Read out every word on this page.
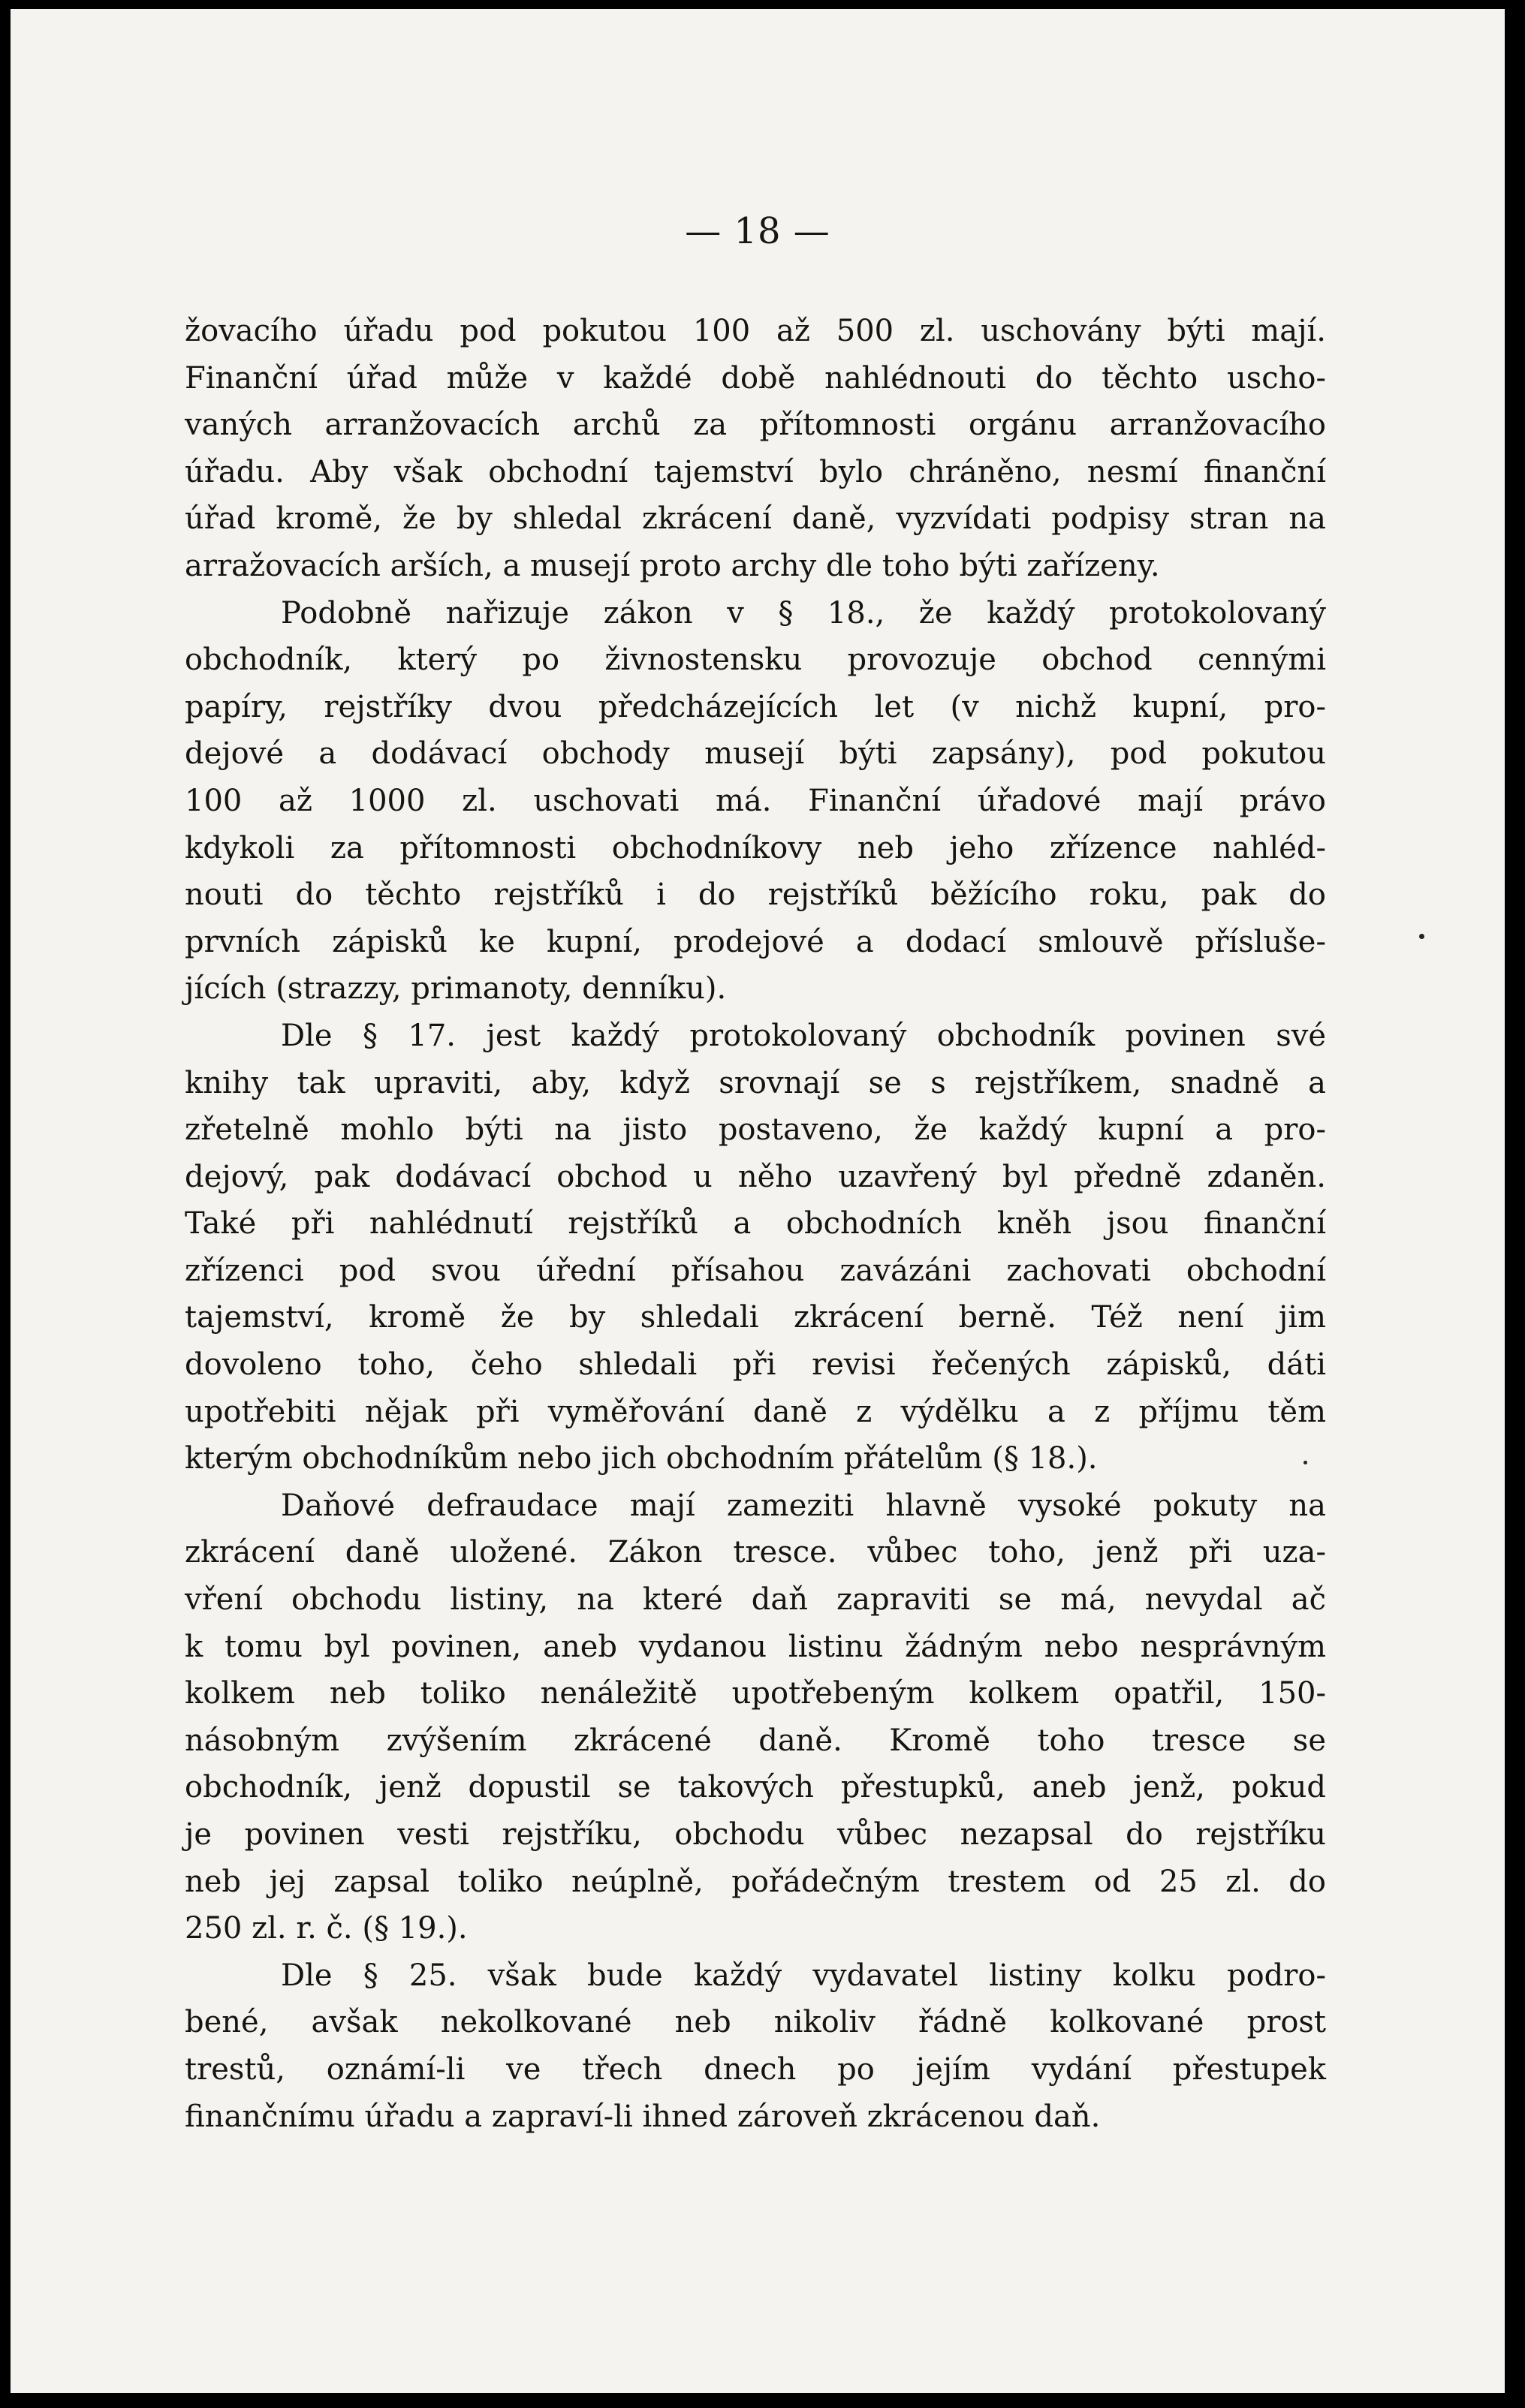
— 18 —
žovacího úřadu pod pokutou 100 až 500 zl. uschovány býti mají.
Finanční úřad může v každé době nahlédnouti do těchto uscho-
vaných arranžovacích archů za přítomnosti orgánu arranžovacího
úřadu. Aby však obchodní tajemství bylo chráněno, nesmí finanční
úřad kromě, že by shledal zkrácení daně, vyzvídati podpisy stran na
arražovacích arších, a musejí proto archy dle toho býti zařízeny.
Podobně nařizuje zákon v § 18., že každý protokolovaný
obchodník, který po živnostensku provozuje obchod cennými
papíry, rejstříky dvou předcházejících let (v nichž kupní, pro-
dejové a dodávací obchody musejí býti zapsány), pod pokutou
100 až 1000 zl. uschovati má. Finanční úřadové mají právo
kdykoli za přítomnosti obchodníkovy neb jeho zřízence nahléd-
nouti do těchto rejstříků i do rejstříků běžícího roku, pak do
prvních zápisků ke kupní, prodejové a dodací smlouvě přísluše-
jících (strazzy, primanoty, denníku).
Dle § 17. jest každý protokolovaný obchodník povinen své
knihy tak upraviti, aby, když srovnají se s rejstříkem, snadně a
zřetelně mohlo býti na jisto postaveno, že každý kupní a pro-
dejový, pak dodávací obchod u něho uzavřený byl předně zdaněn.
Také při nahlédnutí rejstříků a obchodních kněh jsou finanční
zřízenci pod svou úřední přísahou zavázáni zachovati obchodní
tajemství, kromě že by shledali zkrácení berně. Též není jim
dovoleno toho, čeho shledali při revisi řečených zápisků, dáti
upotřebiti nějak při vyměřování daně z výdělku a z příjmu těm
kterým obchodníkům nebo jich obchodním přátelům (§ 18.).
Daňové defraudace mají zameziti hlavně vysoké pokuty na
zkrácení daně uložené. Zákon tresce. vůbec toho, jenž při uza-
vření obchodu listiny, na které daň zapraviti se má, nevydal ač
k tomu byl povinen, aneb vydanou listinu žádným nebo nesprávným
kolkem neb toliko nenáležitě upotřebeným kolkem opatřil, 150-
násobným zvýšením zkrácené daně. Kromě toho tresce se
obchodník, jenž dopustil se takových přestupků, aneb jenž, pokud
je povinen vesti rejstříku, obchodu vůbec nezapsal do rejstříku
neb jej zapsal toliko neúplně, pořádečným trestem od 25 zl. do
250 zl. r. č. (§ 19.).
Dle § 25. však bude každý vydavatel listiny kolku podro-
bené, avšak nekolkované neb nikoliv řádně kolkované prost
trestů, oznámí-li ve třech dnech po jejím vydání přestupek
finančnímu úřadu a zapraví-li ihned zároveň zkrácenou daň.
